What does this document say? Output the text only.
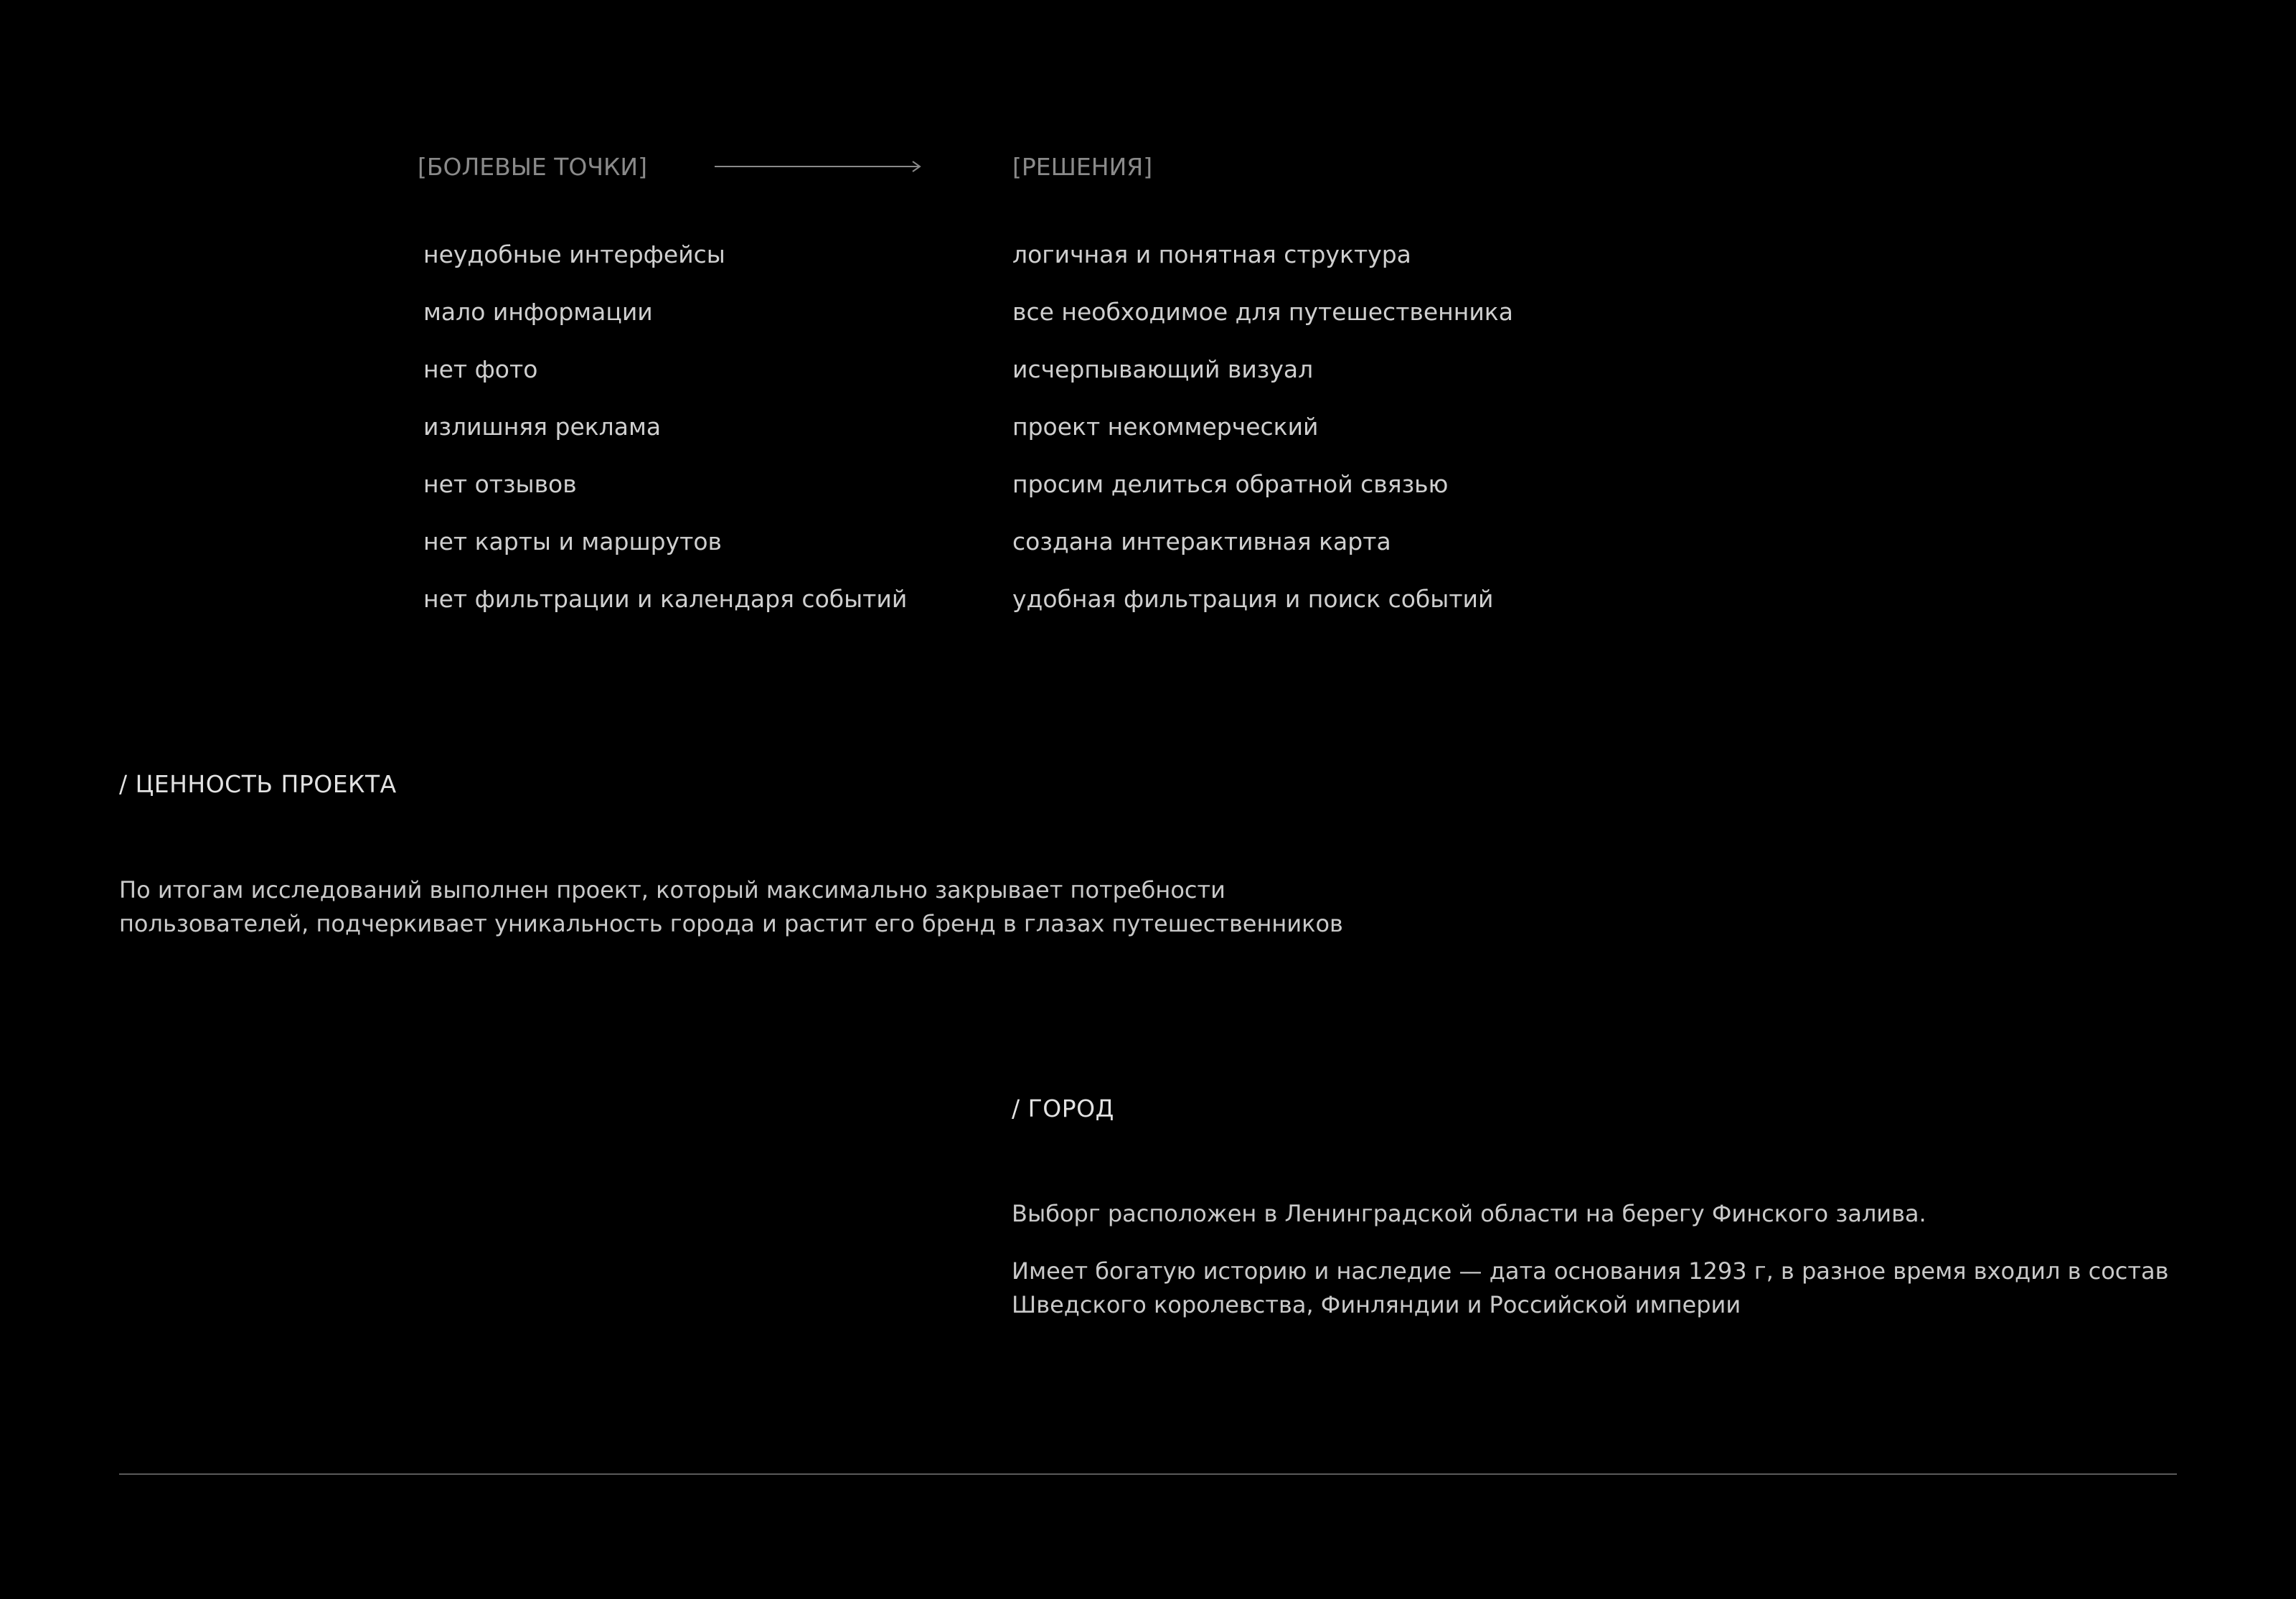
[БОЛЕВЫЕ ТОЧКИ]	[РЕШЕНИЯ]
неудобные интерфейсы
мало информации
нет фото
излишняя реклама
нет отзывов
нет карты и маршрутов
нет фильтрации и календаря событий
логичная и понятная структура
все необходимое для путешественника
исчерпывающий визуал
проект некоммерческий
просим делиться обратной связью
создана интерактивная карта
удобная фильтрация и поиск событий
/ ЦЕННОСТЬ ПРОЕКТА
По итогам исследований выполнен проект, который максимально закрывает потребности
пользователей, подчеркивает уникальность города и растит его бренд в глазах путешественников
/ ГОРОД
Выборг расположен в Ленинградской области на берегу Финского залива.
Имеет богатую историю и наследие — дата основания 1293 г, в разное время входил в состав
Шведского королевства, Финляндии и Российской империи
